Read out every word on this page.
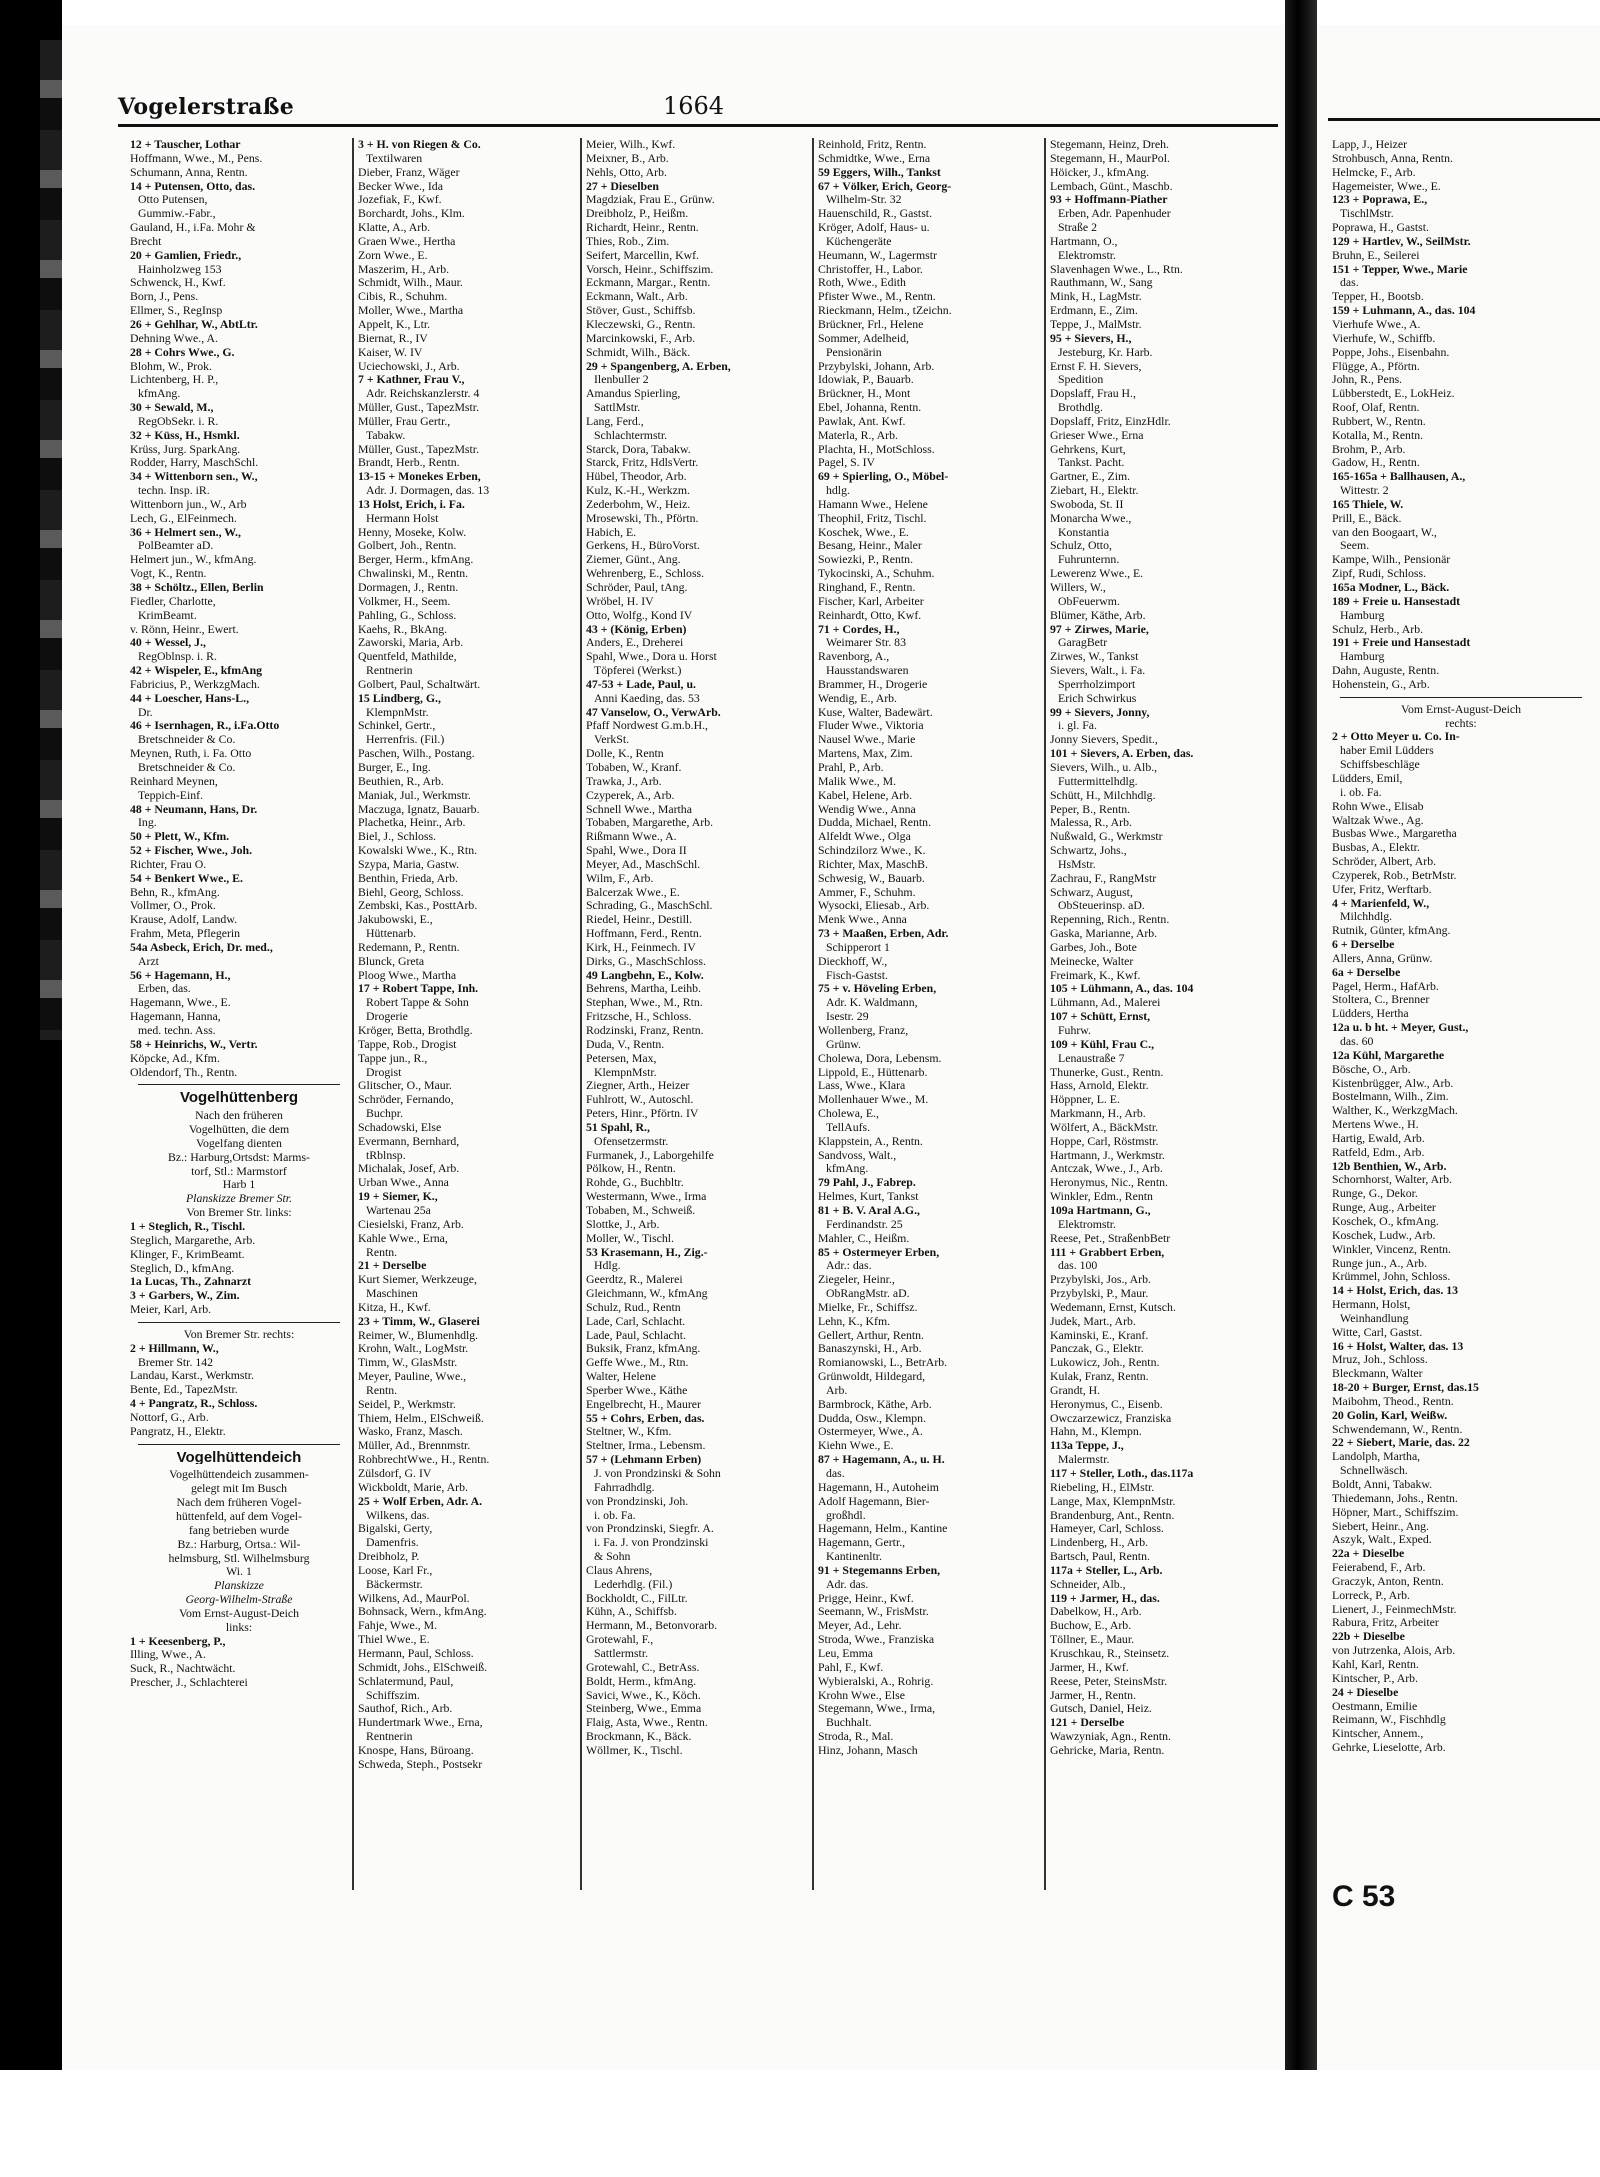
Vogelerstraße	1664
12 + Tauscher, Lothar
Hoffmann, Wwe., M., Pens.
Schumann, Anna, Rentn.
14 + Putensen, Otto, das.
Otto Putensen,
Gummiw.-Fabr.,
Gauland, H., i.Fa. Mohr &
Brecht
20 + Gamlien, Friedr.,
Hainholzweg 153
Schwenck, H., Kwf.
Born, J., Pens.
Ellmer, S., RegInsp
26 + Gehlhar, W., AbtLtr.
Dehning Wwe., A.
28 + Cohrs Wwe., G.
Blohm, W., Prok.
Lichtenberg, H. P.,
kfmAng.
30 + Sewald, M.,
RegObSekr. i. R.
32 + Küss, H., Hsmkl.
Krüss, Jurg. SparkAng.
Rodder, Harry, MaschSchl.
34 + Wittenborn sen., W.,
techn. Insp. iR.
Wittenborn jun., W., Arb
Lech, G., ElFeinmech.
36 + Helmert sen., W.,
PolBeamter aD.
Helmert jun., W., kfmAng.
Vogt, K., Rentn.
38 + Schöltz., Ellen, Berlin
Fiedler, Charlotte,
KrimBeamt.
v. Rönn, Heinr., Ewert.
40 + Wessel, J.,
RegOblnsp. i. R.
42 + Wispeler, E., kfmAng
Fabricius, P., WerkzgMach.
44 + Loescher, Hans-L.,
Dr.
46 + Isernhagen, R., i.Fa.Otto
Bretschneider & Co.
Meynen, Ruth, i. Fa. Otto
Bretschneider & Co.
Reinhard Meynen,
Teppich-Einf.
48 + Neumann, Hans, Dr.
Ing.
50 + Plett, W., Kfm.
52 + Fischer, Wwe., Joh.
Richter, Frau O.
54 + Benkert Wwe., E.
Behn, R., kfmAng.
Vollmer, O., Prok.
Krause, Adolf, Landw.
Frahm, Meta, Pflegerin
54a Asbeck, Erich, Dr. med.,
Arzt
56 + Hagemann, H.,
Erben, das.
Hagemann, Wwe., E.
Hagemann, Hanna,
med. techn. Ass.
58 + Heinrichs, W., Vertr.
Köpcke, Ad., Kfm.
Oldendorf, Th., Rentn.
Vogelhüttenberg
Nach den früheren
Vogelhütten, die dem
Vogelfang dienten
Bz.: Harburg,Ortsdst: Marms-
torf, Stl.: Marmstorf
Harb 1
Planskizze Bremer Str.
Von Bremer Str. links:
1 + Steglich, R., Tischl.
Steglich, Margarethe, Arb.
Klinger, F., KrimBeamt.
Steglich, D., kfmAng.
1a Lucas, Th., Zahnarzt
3 + Garbers, W., Zim.
Meier, Karl, Arb.
Von Bremer Str. rechts:
2 + Hillmann, W.,
Bremer Str. 142
Landau, Karst., Werkmstr.
Bente, Ed., TapezMstr.
4 + Pangratz, R., Schloss.
Nottorf, G., Arb.
Pangratz, H., Elektr.
Vogelhüttendeich
Vogelhüttendeich zusammen-
gelegt mit Im Busch
Nach dem früheren Vogel-
hüttenfeld, auf dem Vogel-
fang betrieben wurde
Bz.: Harburg, Ortsa.: Wil-
helmsburg, Stl. Wilhelmsburg
Wi. 1
Planskizze
Georg-Wilhelm-Straße
Vom Ernst-August-Deich
links:
1 + Keesenberg, P.,
Illing, Wwe., A.
Suck, R., Nachtwächt.
Prescher, J., Schlachterei
3 + H. von Riegen & Co.
Textilwaren
Dieber, Franz, Wäger
Becker Wwe., Ida
Jozefiak, F., Kwf.
Borchardt, Johs., Klm.
Klatte, A., Arb.
Graen Wwe., Hertha
Zorn Wwe., E.
Maszerim, H., Arb.
Schmidt, Wilh., Maur.
Cibis, R., Schuhm.
Moller, Wwe., Martha
Appelt, K., Ltr.
Biernat, R., IV
Kaiser, W. IV
Uciechowski, J., Arb.
7 + Kathner, Frau V.,
Adr. Reichskanzlerstr. 4
Müller, Gust., TapezMstr.
Müller, Frau Gertr.,
Tabakw.
Müller, Gust., TapezMstr.
Brandt, Herb., Rentn.
13-15 + Monekes Erben,
Adr. J. Dormagen, das. 13
13 Holst, Erich, i. Fa.
Hermann Holst
Henny, Moseke, Kolw.
Golbert, Joh., Rentn.
Berger, Herm., kfmAng.
Chwalinski, M., Rentn.
Dormagen, J., Rentn.
Volkmer, H., Seem.
Pahling, G., Schloss.
Kaehs, R., BkAng.
Zaworski, Maria, Arb.
Quentfeld, Mathilde,
Rentnerin
Golbert, Paul, Schaltwärt.
15 Lindberg, G.,
KlempnMstr.
Schinkel, Gertr.,
Herrenfris. (Fil.)
Paschen, Wilh., Postang.
Burger, E., Ing.
Beuthien, R., Arb.
Maniak, Jul., Werkmstr.
Maczuga, Ignatz, Bauarb.
Plachetka, Heinr., Arb.
Biel, J., Schloss.
Kowalski Wwe., K., Rtn.
Szypa, Maria, Gastw.
Benthin, Frieda, Arb.
Biehl, Georg, Schloss.
Zembski, Kas., PosttArb.
Jakubowski, E.,
Hüttenarb.
Redemann, P., Rentn.
Blunck, Greta
Ploog Wwe., Martha
17 + Robert Tappe, Inh.
Robert Tappe & Sohn
Drogerie
Kröger, Betta, Brothdlg.
Tappe, Rob., Drogist
Tappe jun., R.,
Drogist
Glitscher, O., Maur.
Schröder, Fernando,
Buchpr.
Schadowski, Else
Evermann, Bernhard,
tRblnsp.
Michalak, Josef, Arb.
Urban Wwe., Anna
19 + Siemer, K.,
Wartenau 25a
Ciesielski, Franz, Arb.
Kahle Wwe., Erna,
Rentn.
21 + Derselbe
Kurt Siemer, Werkzeuge,
Maschinen
Kitza, H., Kwf.
23 + Timm, W., Glaserei
Reimer, W., Blumenhdlg.
Krohn, Walt., LogMstr.
Timm, W., GlasMstr.
Meyer, Pauline, Wwe.,
Rentn.
Seidel, P., Werkmstr.
Thiem, Helm., ElSchweiß.
Wasko, Franz, Masch.
Müller, Ad., Brennmstr.
RohbrechtWwe., H., Rentn.
Zülsdorf, G. IV
Wickboldt, Marie, Arb.
25 + Wolf Erben, Adr. A.
Wilkens, das.
Bigalski, Gerty,
Damenfris.
Dreibholz, P.
Loose, Karl Fr.,
Bäckermstr.
Wilkens, Ad., MaurPol.
Bohnsack, Wern., kfmAng.
Fahje, Wwe., M.
Thiel Wwe., E.
Hermann, Paul, Schloss.
Schmidt, Johs., ElSchweiß.
Schlatermund, Paul,
Schiffszim.
Sauthof, Rich., Arb.
Hundertmark Wwe., Erna,
Rentnerin
Knospe, Hans, Büroang.
Schweda, Steph., Postsekr
Meier, Wilh., Kwf.
Meixner, B., Arb.
Nehls, Otto, Arb.
27 + Dieselben
Magdziak, Frau E., Grünw.
Dreibholz, P., Heißm.
Richardt, Heinr., Rentn.
Thies, Rob., Zim.
Seifert, Marcellin, Kwf.
Vorsch, Heinr., Schiffszim.
Eckmann, Margar., Rentn.
Eckmann, Walt., Arb.
Stöver, Gust., Schiffsb.
Kleczewski, G., Rentn.
Marcinkowski, F., Arb.
Schmidt, Wilh., Bäck.
29 + Spangenberg, A. Erben,
Ilenbuller 2
Amandus Spierling,
SattlMstr.
Lang, Ferd.,
Schlachtermstr.
Starck, Dora, Tabakw.
Starck, Fritz, HdlsVertr.
Hübel, Theodor, Arb.
Kulz, K.-H., Werkzm.
Zederbohm, W., Heiz.
Mrosewski, Th., Pförtn.
Habich, E.
Gerkens, H., BüroVorst.
Ziemer, Günt., Ang.
Wehrenberg, E., Schloss.
Schröder, Paul, tAng.
Wröbel, H. IV
Otto, Wolfg., Kond IV
43 + (König, Erben)
Anders, E., Dreherei
Spahl, Wwe., Dora u. Horst
Töpferei (Werkst.)
47-53 + Lade, Paul, u.
Anni Kaeding, das. 53
47 Vanselow, O., VerwArb.
Pfaff Nordwest G.m.b.H.,
VerkSt.
Dolle, K., Rentn
Tobaben, W., Kranf.
Trawka, J., Arb.
Czyperek, A., Arb.
Schnell Wwe., Martha
Tobaben, Margarethe, Arb.
Rißmann Wwe., A.
Spahl, Wwe., Dora II
Meyer, Ad., MaschSchl.
Wilm, F., Arb.
Balcerzak Wwe., E.
Schrading, G., MaschSchl.
Riedel, Heinr., Destill.
Hoffmann, Ferd., Rentn.
Kirk, H., Feinmech. IV
Dirks, G., MaschSchloss.
49 Langbehn, E., Kolw.
Behrens, Martha, Leihb.
Stephan, Wwe., M., Rtn.
Fritzsche, H., Schloss.
Rodzinski, Franz, Rentn.
Duda, V., Rentn.
Petersen, Max,
KlempnMstr.
Ziegner, Arth., Heizer
Fuhlrott, W., Autoschl.
Peters, Hinr., Pförtn. IV
51 Spahl, R.,
Ofensetzermstr.
Furmanek, J., Laborgehilfe
Pölkow, H., Rentn.
Rohde, G., Buchbltr.
Westermann, Wwe., Irma
Tobaben, M., Schweiß.
Slottke, J., Arb.
Moller, W., Tischl.
53 Krasemann, H., Zig.-
Hdlg.
Geerdtz, R., Malerei
Gleichmann, W., kfmAng
Schulz, Rud., Rentn
Lade, Carl, Schlacht.
Lade, Paul, Schlacht.
Buksik, Franz, kfmAng.
Geffe Wwe., M., Rtn.
Walter, Helene
Sperber Wwe., Käthe
Engelbrecht, H., Maurer
55 + Cohrs, Erben, das.
Steltner, W., Kfm.
Steltner, Irma., Lebensm.
57 + (Lehmann Erben)
J. von Prondzinski & Sohn
Fahrradhdlg.
von Prondzinski, Joh.
i. ob. Fa.
von Prondzinski, Siegfr. A.
i. Fa. J. von Prondzinski
& Sohn
Claus Ahrens,
Lederhdlg. (Fil.)
Bockholdt, C., FilLtr.
Kühn, A., Schiffsb.
Hermann, M., Betonvorarb.
Grotewahl, F.,
Sattlermstr.
Grotewahl, C., BetrAss.
Boldt, Herm., kfmAng.
Savici, Wwe., K., Köch.
Steinberg, Wwe., Emma
Flaig, Asta, Wwe., Rentn.
Brockmann, K., Bäck.
Wöllmer, K., Tischl.
Reinhold, Fritz, Rentn.
Schmidtke, Wwe., Erna
59 Eggers, Wilh., Tankst
67 + Völker, Erich, Georg-
Wilhelm-Str. 32
Hauenschild, R., Gastst.
Kröger, Adolf, Haus- u.
Küchengeräte
Heumann, W., Lagermstr
Christoffer, H., Labor.
Roth, Wwe., Edith
Pfister Wwe., M., Rentn.
Rieckmann, Helm., tZeichn.
Brückner, Frl., Helene
Sommer, Adelheid,
Pensionärin
Przybylski, Johann, Arb.
Idowiak, P., Bauarb.
Brückner, H., Mont
Ebel, Johanna, Rentn.
Pawlak, Ant. Kwf.
Materla, R., Arb.
Plachta, H., MotSchloss.
Pagel, S. IV
69 + Spierling, O., Möbel-
hdlg.
Hamann Wwe., Helene
Theophil, Fritz, Tischl.
Koschek, Wwe., E.
Besang, Heinr., Maler
Sowiezki, P., Rentn.
Tykocinski, A., Schuhm.
Ringhand, F., Rentn.
Fischer, Karl, Arbeiter
Reinhardt, Otto, Kwf.
71 + Cordes, H.,
Weimarer Str. 83
Ravenborg, A.,
Hausstandswaren
Brammer, H., Drogerie
Wendig, E., Arb.
Kuse, Walter, Badewärt.
Fluder Wwe., Viktoria
Nausel Wwe., Marie
Martens, Max, Zim.
Prahl, P., Arb.
Malik Wwe., M.
Kabel, Helene, Arb.
Wendig Wwe., Anna
Dudda, Michael, Rentn.
Alfeldt Wwe., Olga
Schindzilorz Wwe., K.
Richter, Max, MaschB.
Schwesig, W., Bauarb.
Ammer, F., Schuhm.
Wysocki, Eliesab., Arb.
Menk Wwe., Anna
73 + Maaßen, Erben, Adr.
Schipperort 1
Dieckhoff, W.,
Fisch-Gastst.
75 + v. Höveling Erben,
Adr. K. Waldmann,
Isestr. 29
Wollenberg, Franz,
Grünw.
Cholewa, Dora, Lebensm.
Lippold, E., Hüttenarb.
Lass, Wwe., Klara
Mollenhauer Wwe., M.
Cholewa, E.,
TellAufs.
Klappstein, A., Rentn.
Sandvoss, Walt.,
kfmAng.
79 Pahl, J., Fabrep.
Helmes, Kurt, Tankst
81 + B. V. Aral A.G.,
Ferdinandstr. 25
Mahler, C., Heißm.
85 + Ostermeyer Erben,
Adr.: das.
Ziegeler, Heinr.,
ObRangMstr. aD.
Mielke, Fr., Schiffsz.
Lehn, K., Kfm.
Gellert, Arthur, Rentn.
Banaszynski, H., Arb.
Romianowski, L., BetrArb.
Grünwoldt, Hildegard,
Arb.
Barmbrock, Käthe, Arb.
Dudda, Osw., Klempn.
Ostermeyer, Wwe., A.
Kiehn Wwe., E.
87 + Hagemann, A., u. H.
das.
Hagemann, H., Autoheim
Adolf Hagemann, Bier-
großhdl.
Hagemann, Helm., Kantine
Hagemann, Gertr.,
Kantinenltr.
91 + Stegemanns Erben,
Adr. das.
Prigge, Heinr., Kwf.
Seemann, W., FrisMstr.
Meyer, Ad., Lehr.
Stroda, Wwe., Franziska
Leu, Emma
Pahl, F., Kwf.
Wybieralski, A., Rohrig.
Krohn Wwe., Else
Stegemann, Wwe., Irma,
Buchhalt.
Stroda, R., Mal.
Hinz, Johann, Masch
Stegemann, Heinz, Dreh.
Stegemann, H., MaurPol.
Höicker, J., kfmAng.
Lembach, Günt., Maschb.
93 + Hoffmann-Piather
Erben, Adr. Papenhuder
Straße 2
Hartmann, O.,
Elektromstr.
Slavenhagen Wwe., L., Rtn.
Rauthmann, W., Sang
Mink, H., LagMstr.
Erdmann, E., Zim.
Teppe, J., MalMstr.
95 + Sievers, H.,
Jesteburg, Kr. Harb.
Ernst F. H. Sievers,
Spedition
Dopslaff, Frau H.,
Brothdlg.
Dopslaff, Fritz, EinzHdlr.
Grieser Wwe., Erna
Gehrkens, Kurt,
Tankst. Pacht.
Gartner, E., Zim.
Ziebart, H., Elektr.
Swoboda, St. II
Monarcha Wwe.,
Konstantia
Schulz, Otto,
Fuhrunternn.
Lewerenz Wwe., E.
Willers, W.,
ObFeuerwm.
Blümer, Käthe, Arb.
97 + Zirwes, Marie,
GaragBetr
Zirwes, W., Tankst
Sievers, Walt., i. Fa.
Sperrholzimport
Erich Schwirkus
99 + Sievers, Jonny,
i. gl. Fa.
Jonny Sievers, Spedit.,
101 + Sievers, A. Erben, das.
Sievers, Wilh., u. Alb.,
Futtermittelhdlg.
Schütt, H., Milchhdlg.
Peper, B., Rentn.
Malessa, R., Arb.
Nußwald, G., Werkmstr
Schwartz, Johs.,
HsMstr.
Zachrau, F., RangMstr
Schwarz, August,
ObSteuerinsp. aD.
Repenning, Rich., Rentn.
Gaska, Marianne, Arb.
Garbes, Joh., Bote
Meinecke, Walter
Freimark, K., Kwf.
105 + Lühmann, A., das. 104
Lühmann, Ad., Malerei
107 + Schütt, Ernst,
Fuhrw.
109 + Kühl, Frau C.,
Lenaustraße 7
Thunerke, Gust., Rentn.
Hass, Arnold, Elektr.
Höppner, L. E.
Markmann, H., Arb.
Wölfert, A., BäckMstr.
Hoppe, Carl, Röstmstr.
Hartmann, J., Werkmstr.
Antczak, Wwe., J., Arb.
Heronymus, Nic., Rentn.
Winkler, Edm., Rentn
109a Hartmann, G.,
Elektromstr.
Reese, Pet., StraßenbBetr
111 + Grabbert Erben,
das. 100
Przybylski, Jos., Arb.
Przybylski, P., Maur.
Wedemann, Ernst, Kutsch.
Judek, Mart., Arb.
Kaminski, E., Kranf.
Panczak, G., Elektr.
Lukowicz, Joh., Rentn.
Kulak, Franz, Rentn.
Grandt, H.
Heronymus, C., Eisenb.
Owczarzewicz, Franziska
Hahn, M., Klempn.
113a Teppe, J.,
Malermstr.
117 + Steller, Loth., das.117a
Riebeling, H., ElMstr.
Lange, Max, KlempnMstr.
Brandenburg, Ant., Rentn.
Hameyer, Carl, Schloss.
Lindenberg, H., Arb.
Bartsch, Paul, Rentn.
117a + Steller, L., Arb.
Schneider, Alb.,
119 + Jarmer, H., das.
Dabelkow, H., Arb.
Buchow, E., Arb.
Töllner, E., Maur.
Kruschkau, R., Steinsetz.
Jarmer, H., Kwf.
Reese, Peter, SteinsMstr.
Jarmer, H., Rentn.
Gutsch, Daniel, Heiz.
121 + Derselbe
Wawzyniak, Agn., Rentn.
Gehricke, Maria, Rentn.
Lapp, J., Heizer
Strohbusch, Anna, Rentn.
Helmcke, F., Arb.
Hagemeister, Wwe., E.
123 + Poprawa, E.,
TischlMstr.
Poprawa, H., Gastst.
129 + Hartlev, W., SeilMstr.
Bruhn, E., Seilerei
151 + Tepper, Wwe., Marie
das.
Tepper, H., Bootsb.
159 + Luhmann, A., das. 104
Vierhufe Wwe., A.
Vierhufe, W., Schiffb.
Poppe, Johs., Eisenbahn.
Flügge, A., Pförtn.
John, R., Pens.
Lübberstedt, E., LokHeiz.
Roof, Olaf, Rentn.
Rubbert, W., Rentn.
Kotalla, M., Rentn.
Brohm, P., Arb.
Gadow, H., Rentn.
165-165a + Ballhausen, A.,
Wittestr. 2
165 Thiele, W.
Prill, E., Bäck.
van den Boogaart, W.,
Seem.
Kampe, Wilh., Pensionär
Zipf, Rudi, Schloss.
165a Modner, L., Bäck.
189 + Freie u. Hansestadt
Hamburg
Schulz, Herb., Arb.
191 + Freie und Hansestadt
Hamburg
Dahn, Auguste, Rentn.
Hohenstein, G., Arb.
Vom Ernst-August-Deich
rechts:
2 + Otto Meyer u. Co. In-
haber Emil Lüdders
Schiffsbeschläge
Lüdders, Emil,
i. ob. Fa.
Rohn Wwe., Elisab
Waltzak Wwe., Ag.
Busbas Wwe., Margaretha
Busbas, A., Elektr.
Schröder, Albert, Arb.
Czyperek, Rob., BetrMstr.
Ufer, Fritz, Werftarb.
4 + Marienfeld, W.,
Milchhdlg.
Rutnik, Günter, kfmAng.
6 + Derselbe
Allers, Anna, Grünw.
6a + Derselbe
Pagel, Herm., HafArb.
Stoltera, C., Brenner
Lüdders, Hertha
12a u. b ht. + Meyer, Gust.,
das. 60
12a Kühl, Margarethe
Bösche, O., Arb.
Kistenbrügger, Alw., Arb.
Bostelmann, Wilh., Zim.
Walther, K., WerkzgMach.
Mertens Wwe., H.
Hartig, Ewald, Arb.
Ratfeld, Edm., Arb.
12b Benthien, W., Arb.
Schornhorst, Walter, Arb.
Runge, G., Dekor.
Runge, Aug., Arbeiter
Koschek, O., kfmAng.
Koschek, Ludw., Arb.
Winkler, Vincenz, Rentn.
Runge jun., A., Arb.
Krümmel, John, Schloss.
14 + Holst, Erich, das. 13
Hermann, Holst,
Weinhandlung
Witte, Carl, Gastst.
16 + Holst, Walter, das. 13
Mruz, Joh., Schloss.
Bleckmann, Walter
18-20 + Burger, Ernst, das.15
Maibohm, Theod., Rentn.
20 Golin, Karl, Weißw.
Schwendemann, W., Rentn.
22 + Siebert, Marie, das. 22
Landolph, Martha,
Schnellwäsch.
Boldt, Anni, Tabakw.
Thiedemann, Johs., Rentn.
Höpner, Mart., Schiffszim.
Siebert, Heinr., Ang.
Aszyk, Walt., Exped.
22a + Dieselbe
Feierabend, F., Arb.
Graczyk, Anton, Rentn.
Lorreck, P., Arb.
Lienert, J., FeinmechMstr.
Rabura, Fritz, Arbeiter
22b + Dieselbe
von Jutrzenka, Alois, Arb.
Kahl, Karl, Rentn.
Kintscher, P., Arb.
24 + Dieselbe
Oestmann, Emilie
Reimann, W., Fischhdlg
Kintscher, Annem.,
Gehrke, Lieselotte, Arb.
C 53
